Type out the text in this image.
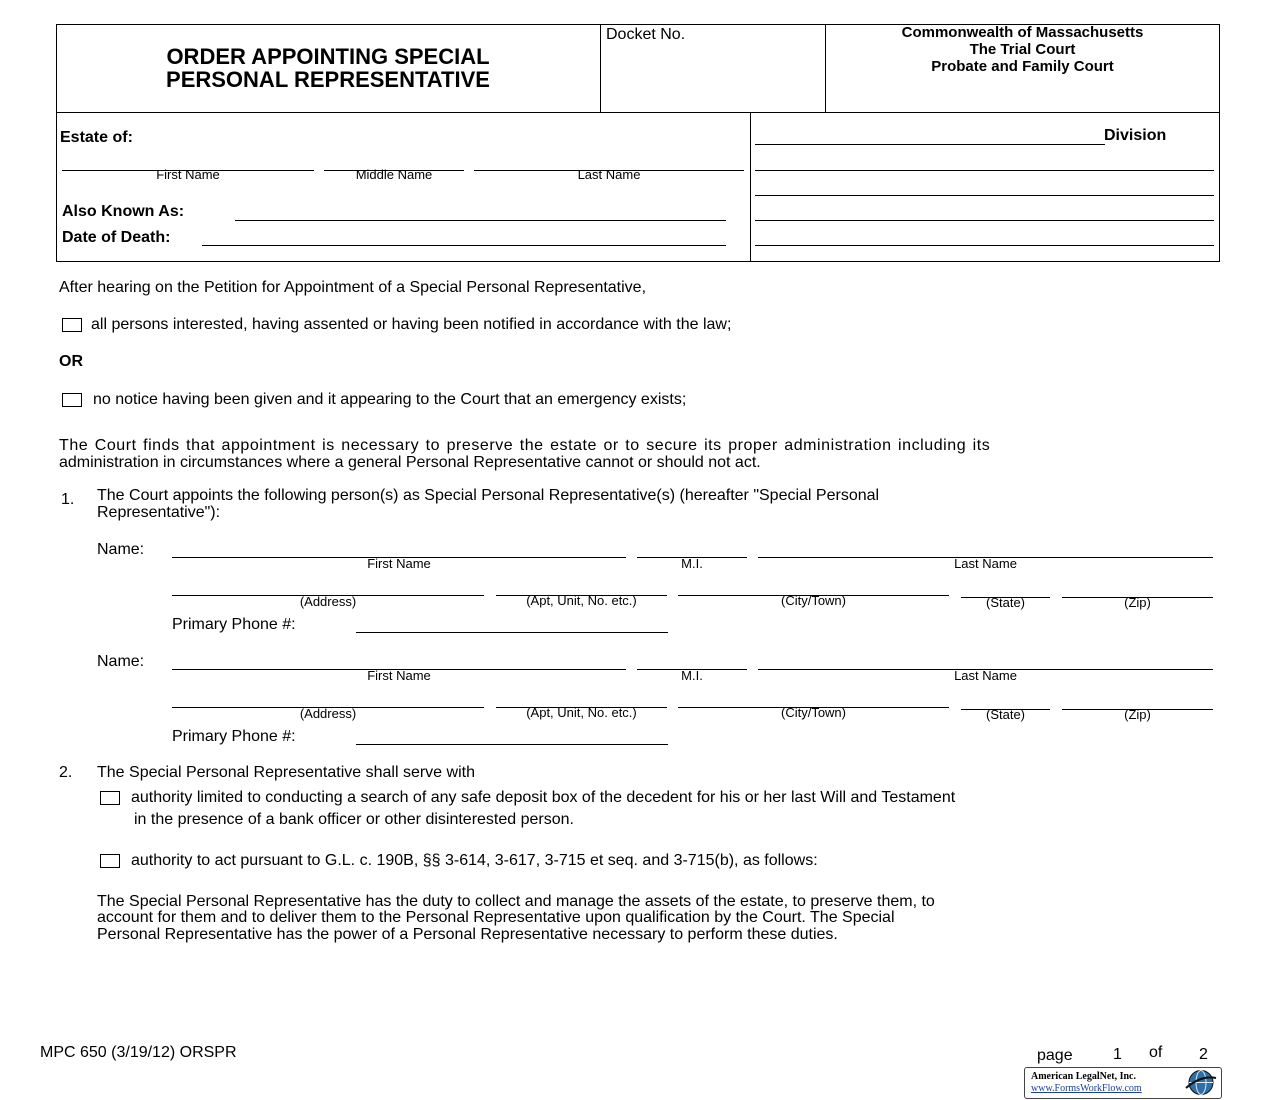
ORDER APPOINTING SPECIAL
PERSONAL REPRESENTATIVE
Docket No.	Commonwealth of Massachusetts
The Trial Court
Probate and Family Court
Estate of:
First Name	Middle Name	Last Name
Also Known As:
Date of Death:
Division
After hearing on the Petition for Appointment of a Special Personal Representative,
all persons interested, having assented or having been notified in accordance with the law;
OR
no notice having been given and it appearing to the Court that an emergency exists;
The Court finds that appointment is necessary to preserve the estate or to secure its proper administration including its
administration in circumstances where a general Personal Representative cannot or should not act.
1. The Court appoints the following person(s) as Special Personal Representative(s) (hereafter "Special Personal
Representative"):
Name:
First Name	M.I.	Last Name
(Address)	(Apt, Unit, No. etc.)	(City/Town)	(State)	(Zip)
Primary Phone #:
Name:
First Name	M.I.	Last Name
(Address)	(Apt, Unit, No. etc.)	(City/Town)	(State)	(Zip)
Primary Phone #:
2. The Special Personal Representative shall serve with
authority limited to conducting a search of any safe deposit box of the decedent for his or her last Will and Testament
in the presence of a bank officer or other disinterested person.
authority to act pursuant to G.L. c. 190B, §§ 3-614, 3-617, 3-715 et seq. and 3-715(b), as follows:
The Special Personal Representative has the duty to collect and manage the assets of the estate, to preserve them, to
account for them and to deliver them to the Personal Representative upon qualification by the Court. The Special
Personal Representative has the power of a Personal Representative necessary to perform these duties.
MPC 650 (3/19/12) ORSPR	page	1 of 2
American LegalNet, Inc.
www.FormsWorkFlow.com
